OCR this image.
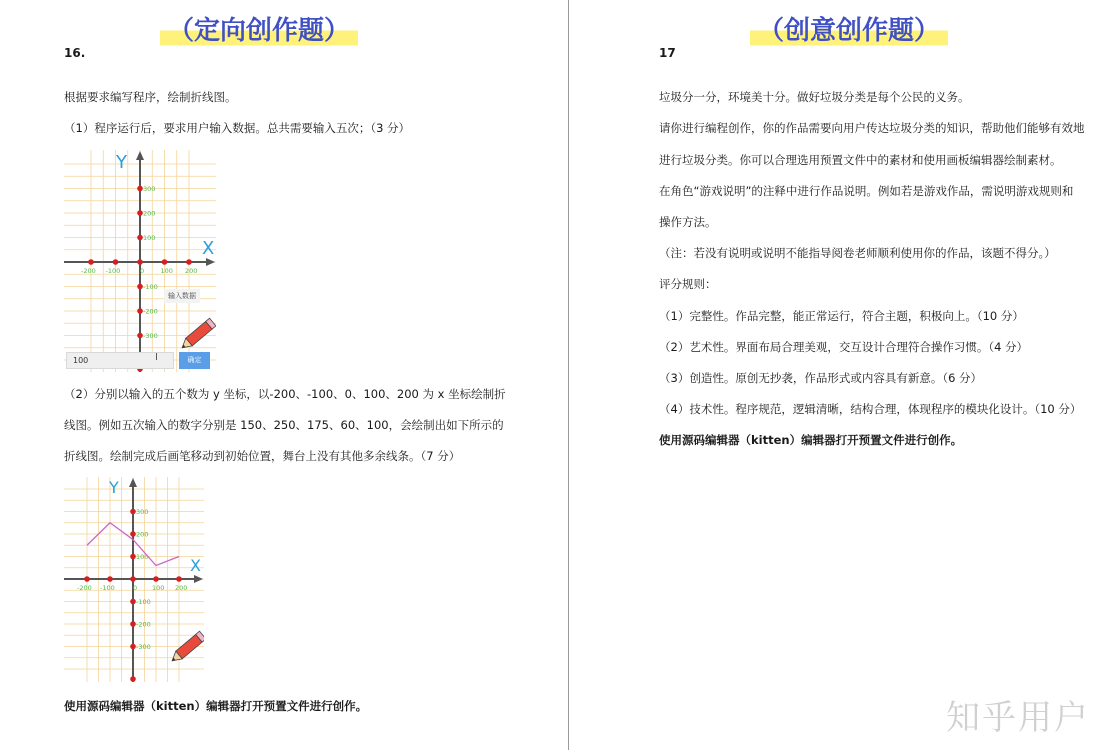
（定向创作题）
16.
根据要求编写程序，绘制折线图。
（1）程序运行后，要求用户输入数据。总共需要输入五次；（3 分）
X
Y
-200 -100	0	100 200
300
200
100
-100
-200
-300
输入数据
100	I	确定
（2）分别以输入的五个数为 y 坐标，以-200、-100、0、100、200 为 x 坐标绘制折
线图。例如五次输入的数字分别是 150、250、175、60、100，会绘制出如下所示的
折线图。绘制完成后画笔移动到初始位置，舞台上没有其他多余线条。（7 分）
X
Y
-200 -100	0 100 200
300
200
100
-100
-200
-300
使用源码编辑器（kitten）编辑器打开预置文件进行创作。
（创意创作题）
17
垃圾分一分，环境美十分。做好垃圾分类是每个公民的义务。
请你进行编程创作，你的作品需要向用户传达垃圾分类的知识，帮助他们能够有效地
进行垃圾分类。你可以合理选用预置文件中的素材和使用画板编辑器绘制素材。
在角色“游戏说明”的注释中进行作品说明。例如若是游戏作品，需说明游戏规则和
操作方法。
（注：若没有说明或说明不能指导阅卷老师顺利使用你的作品，该题不得分。）
评分规则：
（1）完整性。作品完整，能正常运行，符合主题，积极向上。（10 分）
（2）艺术性。界面布局合理美观，交互设计合理符合操作习惯。（4 分）
（3）创造性。原创无抄袭，作品形式或内容具有新意。（6 分）
（4）技术性。程序规范，逻辑清晰，结构合理，体现程序的模块化设计。（10 分）
使用源码编辑器（kitten）编辑器打开预置文件进行创作。
知乎用户
